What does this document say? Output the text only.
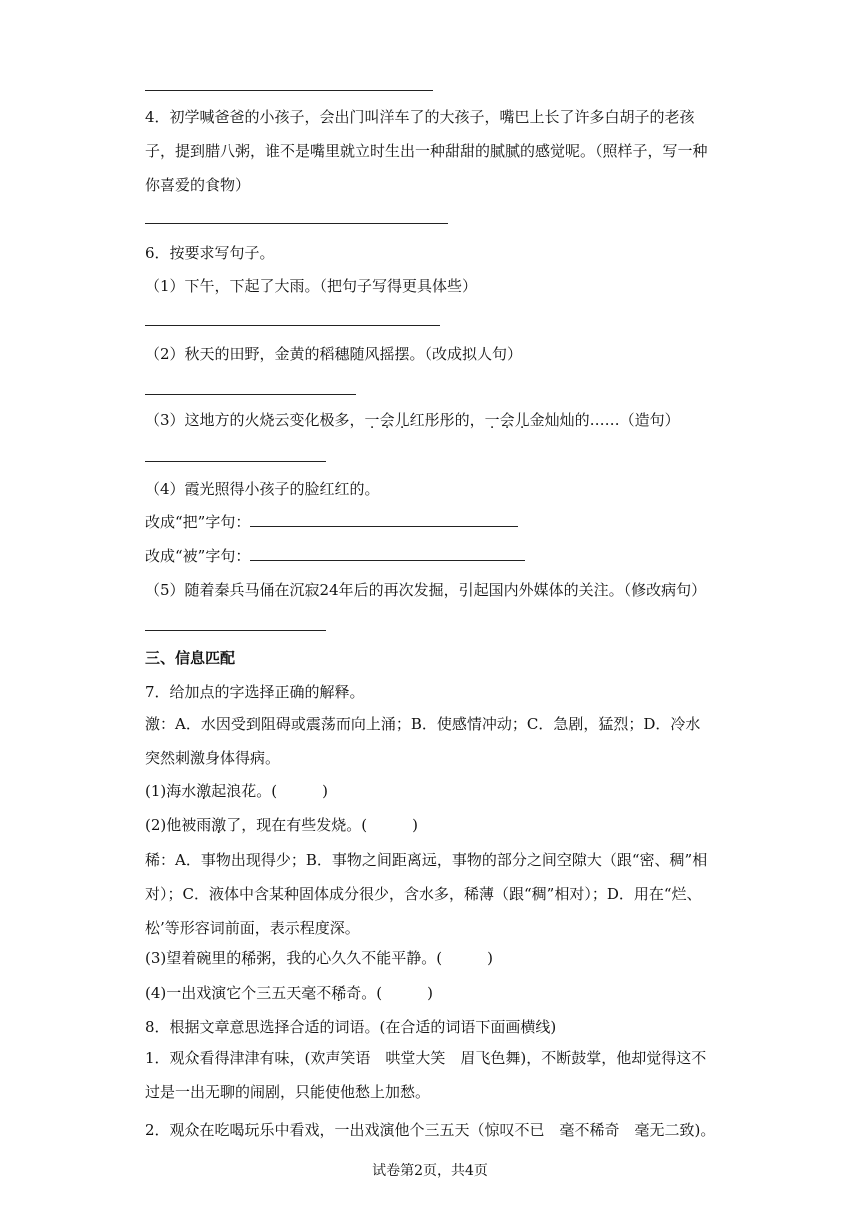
4．初学喊爸爸的小孩子，会出门叫洋车了的大孩子，嘴巴上长了许多白胡子的老孩子，提到腊八粥，谁不是嘴里就立时生出一种甜甜的腻腻的感觉呢。（照样子，写一种你喜爱的食物）
6．按要求写句子。
（1）下午，下起了大雨。（把句子写得更具体些）
（2）秋天的田野，金黄的稻穗随风摇摆。（改成拟人句）
（3）这地方的火烧云变化极多，一会儿红彤彤的，一会儿金灿灿的……（造句）
（4）霞光照得小孩子的脸红红的。
改成“把”字句：
改成“被”字句：
（5）随着秦兵马俑在沉寂24年后的再次发掘，引起国内外媒体的关注。（修改病句）
三、信息匹配
7．给加点的字选择正确的解释。
激：A．水因受到阻碍或震荡而向上涌；B．使感情冲动；C．急剧，猛烈；D．冷水突然刺激身体得病。
(1)海水激起浪花。(　　　)
(2)他被雨激了，现在有些发烧。(　　　)
稀：A．事物出现得少；B．事物之间距离远，事物的部分之间空隙大（跟“密、稠”相对）；C．液体中含某种固体成分很少，含水多，稀薄（跟“稠”相对）；D．用在“烂、松’等形容词前面，表示程度深。
(3)望着碗里的稀粥，我的心久久不能平静。(　　　)
(4)一出戏演它个三五天毫不稀奇。(　　　)
8．根据文章意思选择合适的词语。(在合适的词语下面画横线)
1．观众看得津津有味，(欢声笑语　哄堂大笑　眉飞色舞)，不断鼓掌，他却觉得这不过是一出无聊的闹剧，只能使他愁上加愁。
2．观众在吃喝玩乐中看戏，一出戏演他个三五天（惊叹不已　毫不稀奇　毫无二致)。
试卷第2页，共4页
